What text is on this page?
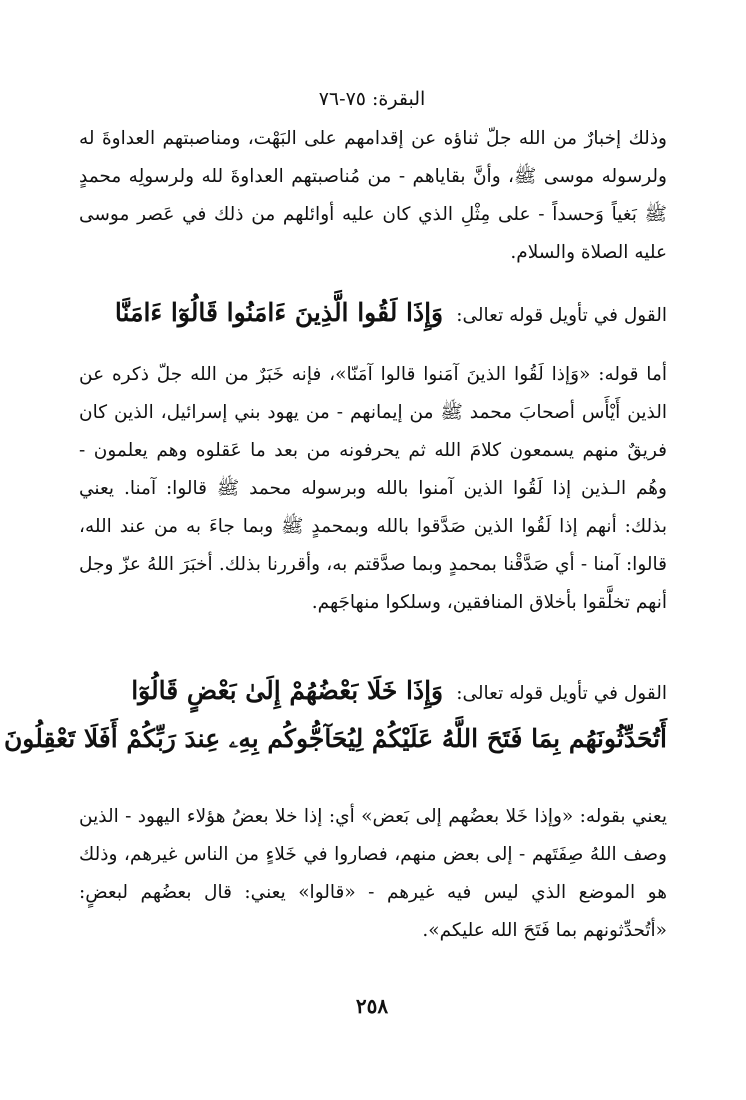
البقرة: ٧٥-٧٦

وذلك إخبارٌ من الله جلّ ثناؤه عن إقدامهم على البَهْت، ومناصبتهم العداوةَ له ولرسوله موسى ﷺ، وأنَّ بقاياهم - من مُناصبتهم العداوةَ لله ولرسولِه محمدٍ ﷺ بَغياً وَحسداً - على مِثْلِ الذي كان عليه أوائلهم من ذلك في عَصر موسى عليه الصلاة والسلام.

القول في تأويل قوله تعالى: وَإِذَا لَقُوا الَّذِينَ ءَامَنُوا قَالُوٓا ءَامَنَّا

أما قوله: «وَإذا لَقُوا الذينَ آمَنوا قالوا آمَنّا»، فإنه خَبَرٌ من الله جلّ ذكره عن الذين أَيْأَس أصحابَ محمد ﷺ من إيمانهم - من يهود بني إسرائيل، الذين كان فريقٌ منهم يسمعون كلامَ الله ثم يحرفونه من بعد ما عَقلوه وهم يعلمون - وهُم الـذين إذا لَقُوا الذين آمنوا بالله وبرسوله محمد ﷺ قالوا: آمنا. يعني بذلك: أنهم إذا لَقُوا الذين صَدَّقوا بالله وبمحمدٍ ﷺ وبما جاءَ به من عند الله، قالوا: آمنا - أي صَدَّقْنا بمحمدٍ وبما صدَّقتم به، وأقررنا بذلك. أخبَرَ اللهُ عزّ وجل أنهم تخلَّقوا بأخلاق المنافقين، وسلكوا منهاجَهم.

القول في تأويل قوله تعالى: وَإِذَا خَلَا بَعْضُهُمْ إِلَىٰ بَعْضٍ قَالُوٓا
أَتُحَدِّثُونَهُم بِمَا فَتَحَ اللَّهُ عَلَيْكُمْ لِيُحَآجُّوكُم بِهِۦ عِندَ رَبِّكُمْ أَفَلَا تَعْقِلُونَ

يعني بقوله: «وإذا خَلا بعضُهم إلى بَعض» أي: إذا خلا بعضُ هؤلاء اليهود - الذين وصف اللهُ صِفَتَهم - إلى بعض منهم، فصاروا في خَلاءٍ من الناس غيرهم، وذلك هو الموضع الذي ليس فيه غيرهم - «قالوا» يعني: قال بعضُهم لبعضٍ: «أتُحدِّثونهم بما فَتَحَ الله عليكم».

٢٥٨
